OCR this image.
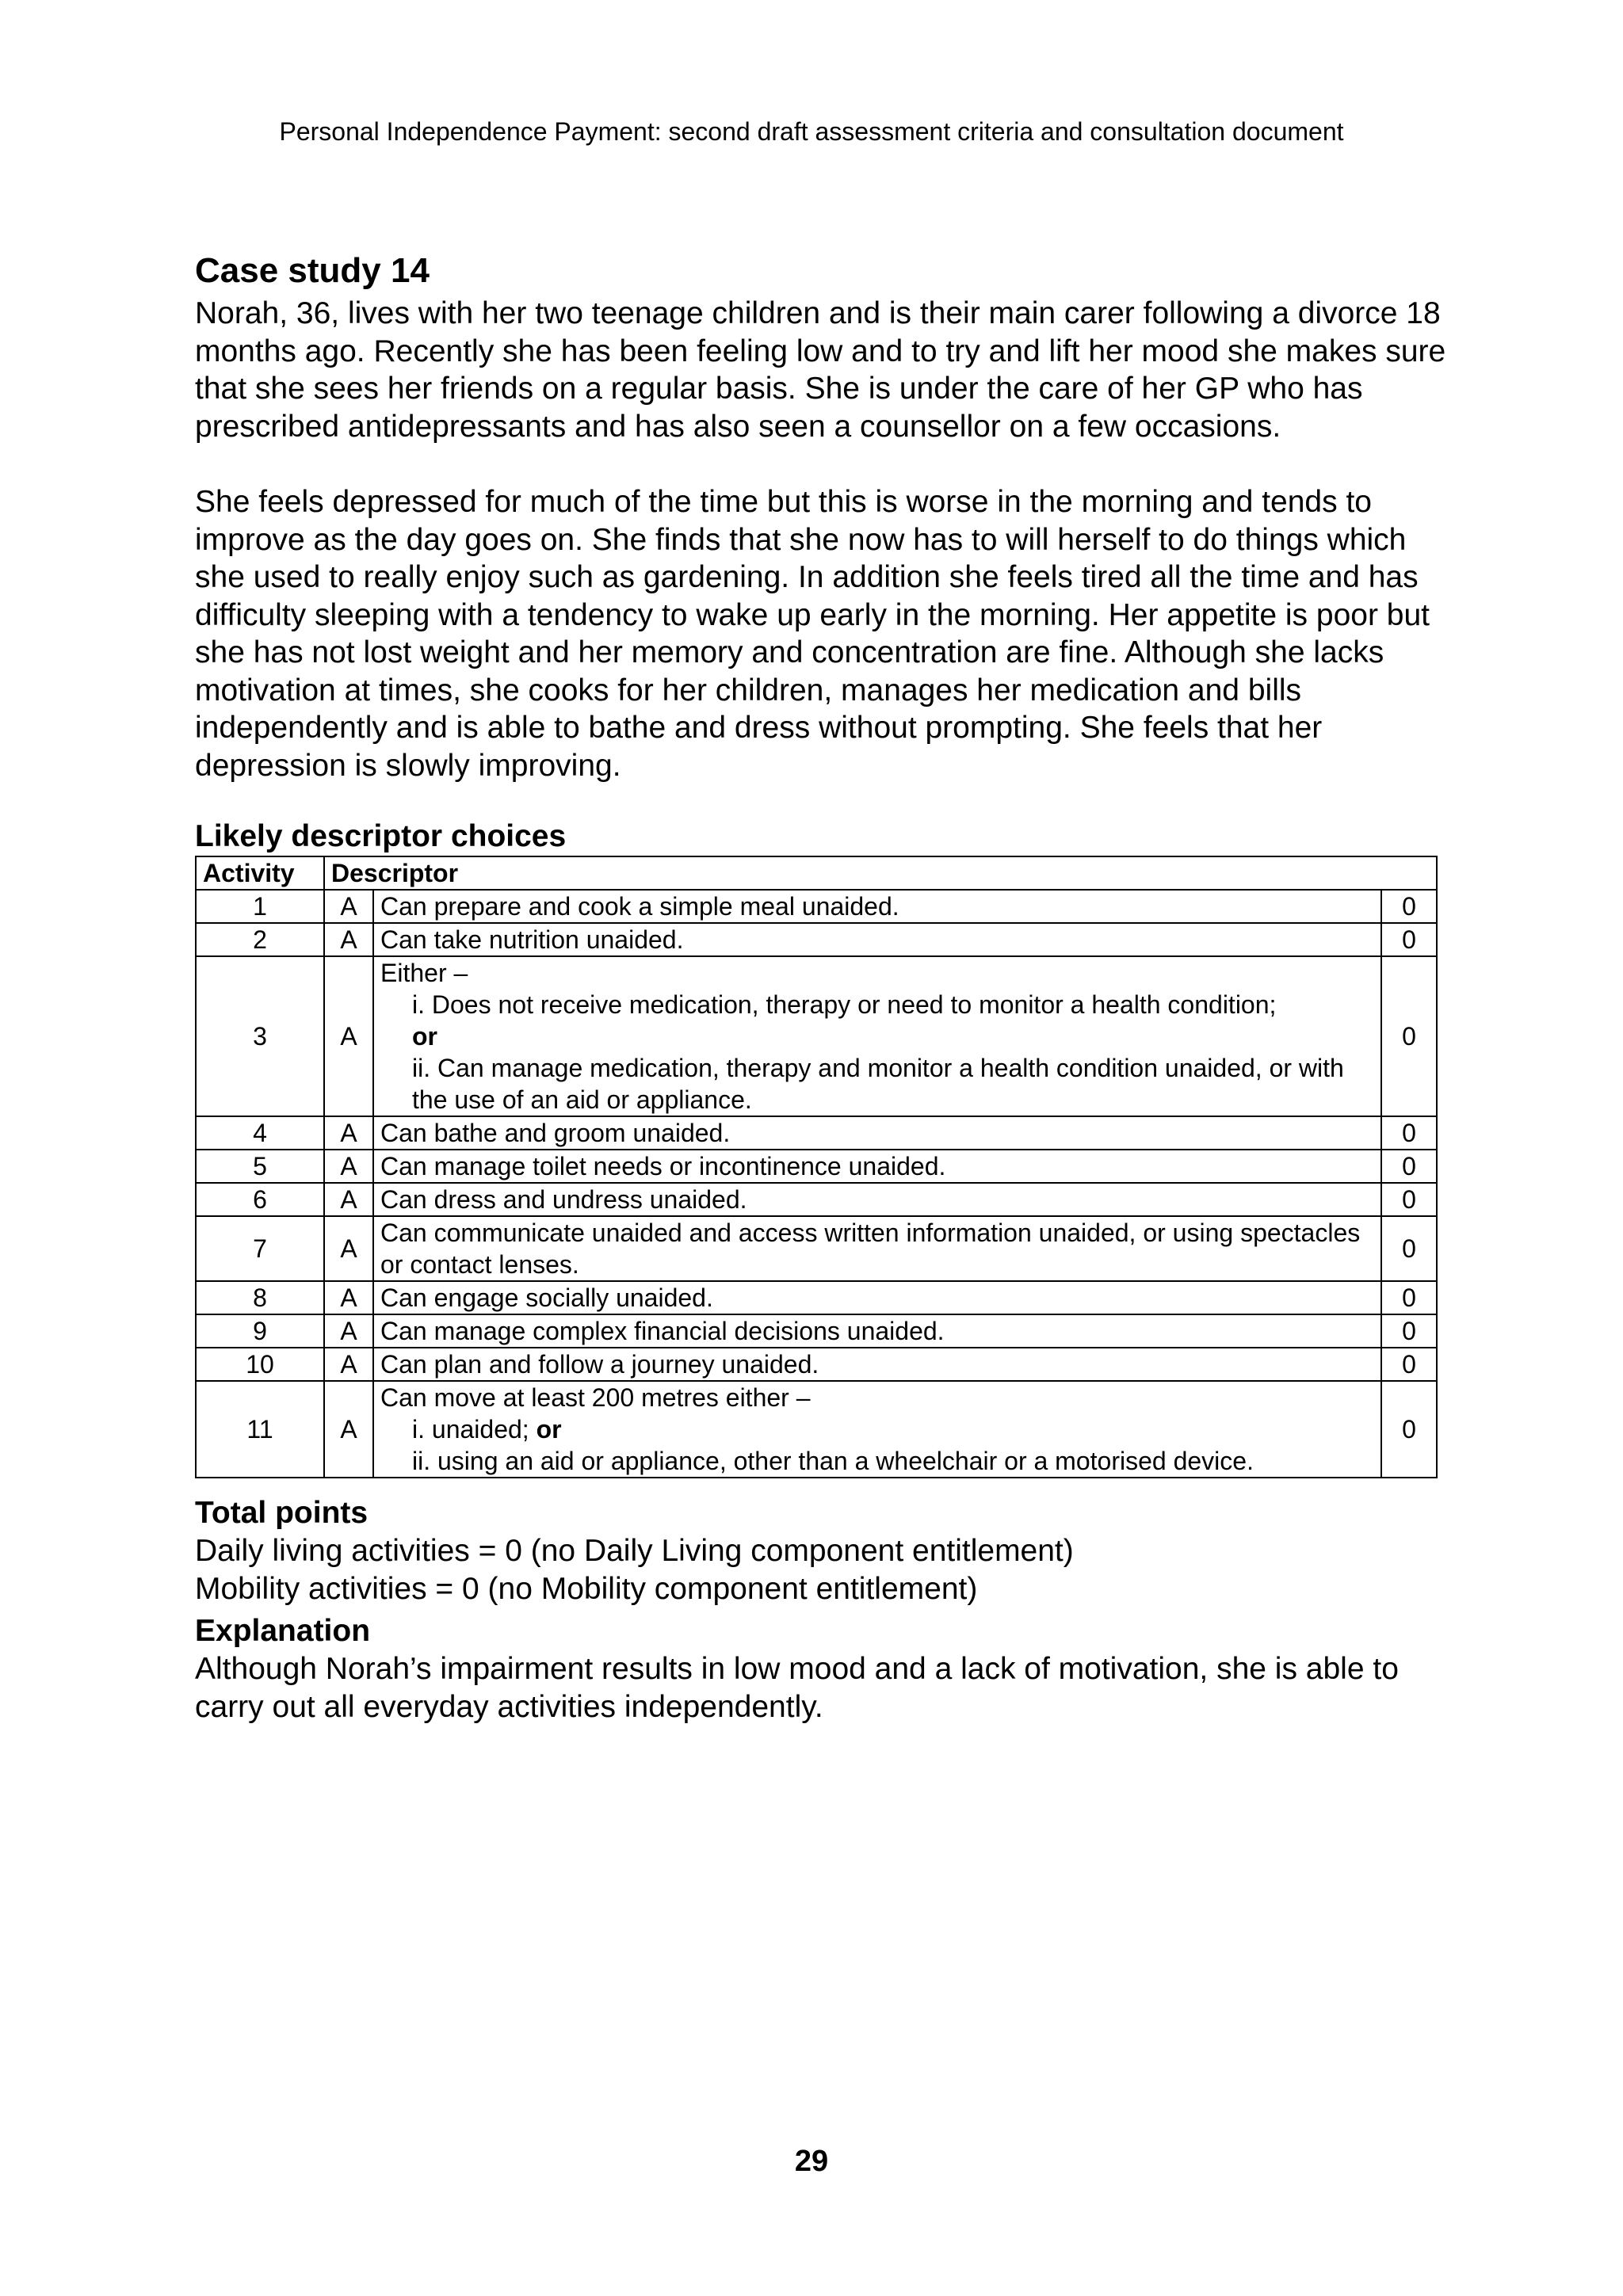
Personal Independence Payment: second draft assessment criteria and consultation document
Case study 14

Norah, 36, lives with her two teenage children and is their main carer following a divorce 18 months ago. Recently she has been feeling low and to try and lift her mood she makes sure that she sees her friends on a regular basis. She is under the care of her GP who has prescribed antidepressants and has also seen a counsellor on a few occasions.

She feels depressed for much of the time but this is worse in the morning and tends to improve as the day goes on. She finds that she now has to will herself to do things which she used to really enjoy such as gardening. In addition she feels tired all the time and has difficulty sleeping with a tendency to wake up early in the morning. Her appetite is poor but she has not lost weight and her memory and concentration are fine. Although she lacks motivation at times, she cooks for her children, manages her medication and bills independently and is able to bathe and dress without prompting. She feels that her depression is slowly improving.

Likely descriptor choices
Activity	Descriptor		
1	A	Can prepare and cook a simple meal unaided.	0
2	A	Can take nutrition unaided.	0
3	A	Either –
i. Does not receive medication, therapy or need to monitor a health condition;
or
ii. Can manage medication, therapy and monitor a health condition unaided, or with the use of an aid or appliance.	0
4	A	Can bathe and groom unaided.	0
5	A	Can manage toilet needs or incontinence unaided.	0
6	A	Can dress and undress unaided.	0
7	A	Can communicate unaided and access written information unaided, or using spectacles or contact lenses.	0
8	A	Can engage socially unaided.	0
9	A	Can manage complex financial decisions unaided.	0
10	A	Can plan and follow a journey unaided.	0
11	A	Can move at least 200 metres either –
i. unaided; or
ii. using an aid or appliance, other than a wheelchair or a motorised device.	0
Total points

Daily living activities = 0 (no Daily Living component entitlement)

Mobility activities = 0 (no Mobility component entitlement)

Explanation

Although Norah’s impairment results in low mood and a lack of motivation, she is able to carry out all everyday activities independently.

29
